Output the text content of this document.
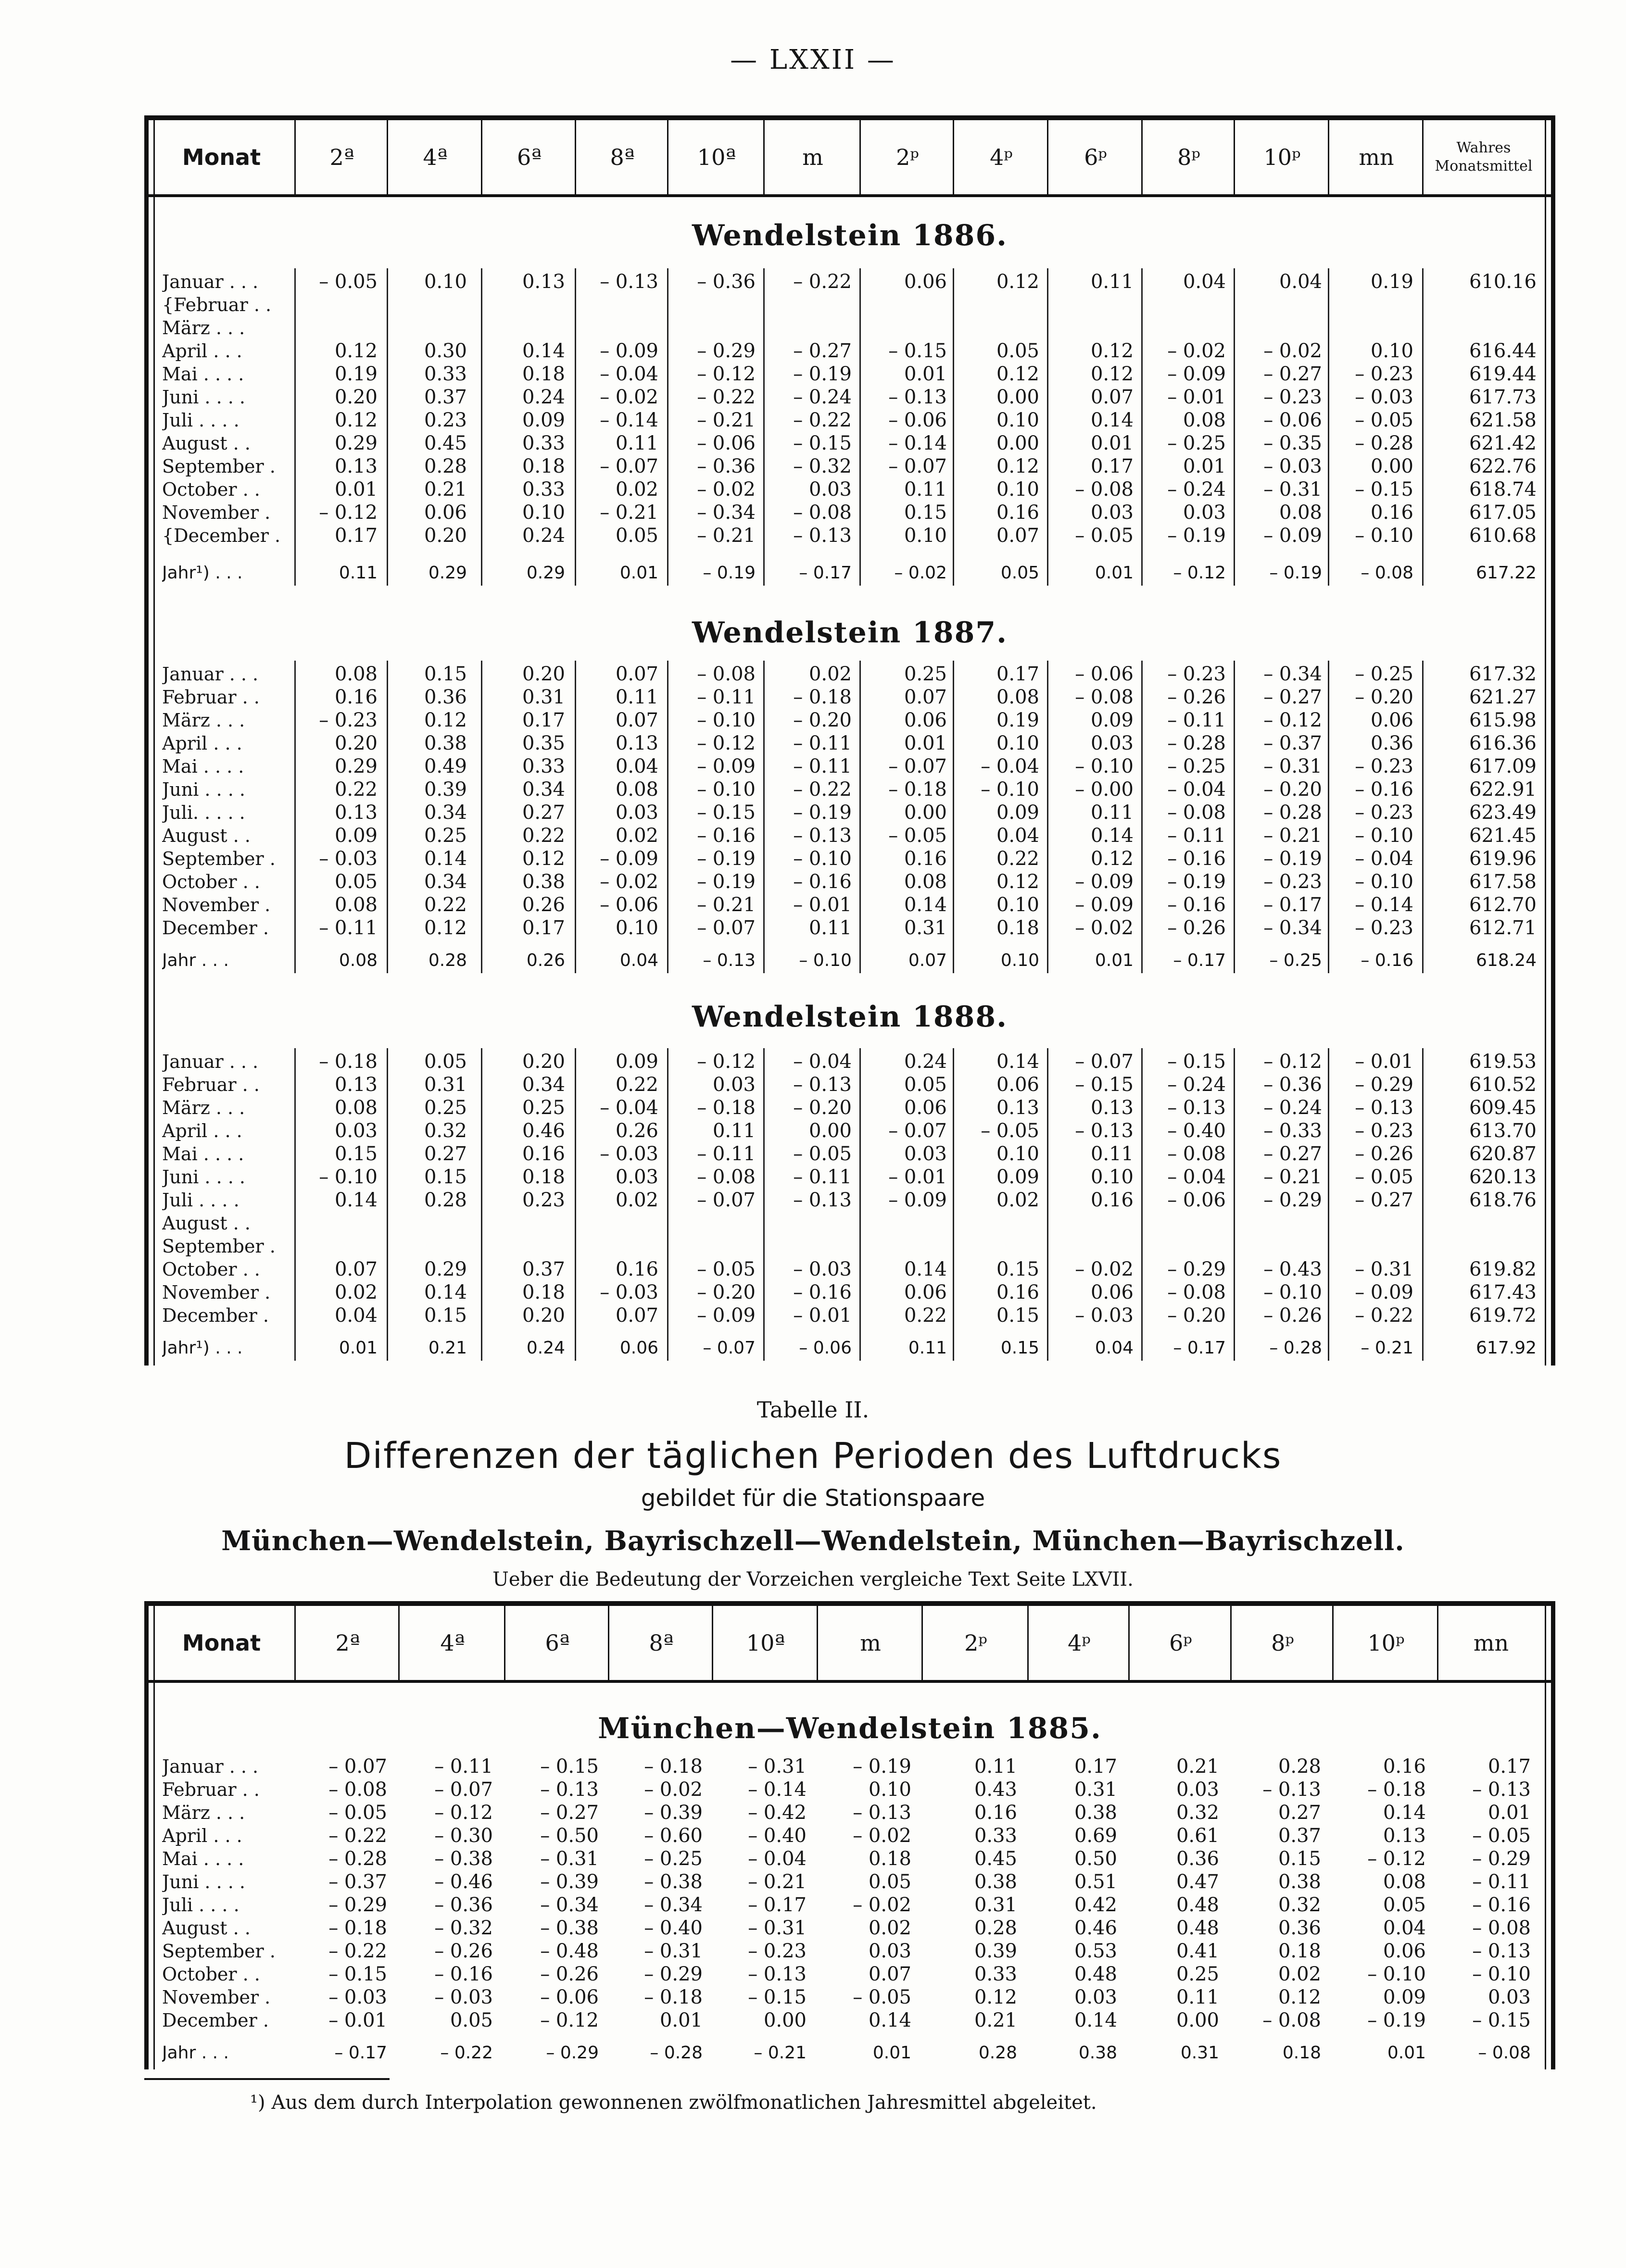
— LXXII —
Monat	2ª	4ª	6ª	8ª	10ª	m	2ᵖ	4ᵖ	6ᵖ	8ᵖ	10ᵖ	mn	Wahres
Monatsmittel
Wendelstein 1886.
Januar . . .	– 0.05	0.10	0.13	– 0.13	– 0.36	– 0.22	0.06	0.12	0.11	0.04	0.04	0.19	610.16
{Februar . .
März . . .
April . . .	0.12	0.30	0.14	– 0.09	– 0.29	– 0.27	– 0.15	0.05	0.12	– 0.02	– 0.02	0.10	616.44
Mai . . . .	0.19	0.33	0.18	– 0.04	– 0.12	– 0.19	0.01	0.12	0.12	– 0.09	– 0.27	– 0.23	619.44
Juni . . . .	0.20	0.37	0.24	– 0.02	– 0.22	– 0.24	– 0.13	0.00	0.07	– 0.01	– 0.23	– 0.03	617.73
Juli . . . .	0.12	0.23	0.09	– 0.14	– 0.21	– 0.22	– 0.06	0.10	0.14	0.08	– 0.06	– 0.05	621.58
August . .	0.29	0.45	0.33	0.11	– 0.06	– 0.15	– 0.14	0.00	0.01	– 0.25	– 0.35	– 0.28	621.42
September .	0.13	0.28	0.18	– 0.07	– 0.36	– 0.32	– 0.07	0.12	0.17	0.01	– 0.03	0.00	622.76
October . .	0.01	0.21	0.33	0.02	– 0.02	0.03	0.11	0.10	– 0.08	– 0.24	– 0.31	– 0.15	618.74
November .	– 0.12	0.06	0.10	– 0.21	– 0.34	– 0.08	0.15	0.16	0.03	0.03	0.08	0.16	617.05
{December .	0.17	0.20	0.24	0.05	– 0.21	– 0.13	0.10	0.07	– 0.05	– 0.19	– 0.09	– 0.10	610.68
Jahr¹) . . .	0.11	0.29	0.29	0.01	– 0.19	– 0.17	– 0.02	0.05	0.01	– 0.12	– 0.19	– 0.08	617.22
Wendelstein 1887.
Januar . . .	0.08	0.15	0.20	0.07	– 0.08	0.02	0.25	0.17	– 0.06	– 0.23	– 0.34	– 0.25	617.32
Februar . .	0.16	0.36	0.31	0.11	– 0.11	– 0.18	0.07	0.08	– 0.08	– 0.26	– 0.27	– 0.20	621.27
März . . .	– 0.23	0.12	0.17	0.07	– 0.10	– 0.20	0.06	0.19	0.09	– 0.11	– 0.12	0.06	615.98
April . . .	0.20	0.38	0.35	0.13	– 0.12	– 0.11	0.01	0.10	0.03	– 0.28	– 0.37	0.36	616.36
Mai . . . .	0.29	0.49	0.33	0.04	– 0.09	– 0.11	– 0.07	– 0.04	– 0.10	– 0.25	– 0.31	– 0.23	617.09
Juni . . . .	0.22	0.39	0.34	0.08	– 0.10	– 0.22	– 0.18	– 0.10	– 0.00	– 0.04	– 0.20	– 0.16	622.91
Juli. . . . .	0.13	0.34	0.27	0.03	– 0.15	– 0.19	0.00	0.09	0.11	– 0.08	– 0.28	– 0.23	623.49
August . .	0.09	0.25	0.22	0.02	– 0.16	– 0.13	– 0.05	0.04	0.14	– 0.11	– 0.21	– 0.10	621.45
September .	– 0.03	0.14	0.12	– 0.09	– 0.19	– 0.10	0.16	0.22	0.12	– 0.16	– 0.19	– 0.04	619.96
October . .	0.05	0.34	0.38	– 0.02	– 0.19	– 0.16	0.08	0.12	– 0.09	– 0.19	– 0.23	– 0.10	617.58
November .	0.08	0.22	0.26	– 0.06	– 0.21	– 0.01	0.14	0.10	– 0.09	– 0.16	– 0.17	– 0.14	612.70
December .	– 0.11	0.12	0.17	0.10	– 0.07	0.11	0.31	0.18	– 0.02	– 0.26	– 0.34	– 0.23	612.71
Jahr . . .	0.08	0.28	0.26	0.04	– 0.13	– 0.10	0.07	0.10	0.01	– 0.17	– 0.25	– 0.16	618.24
Wendelstein 1888.
Januar . . .	– 0.18	0.05	0.20	0.09	– 0.12	– 0.04	0.24	0.14	– 0.07	– 0.15	– 0.12	– 0.01	619.53
Februar . .	0.13	0.31	0.34	0.22	0.03	– 0.13	0.05	0.06	– 0.15	– 0.24	– 0.36	– 0.29	610.52
März . . .	0.08	0.25	0.25	– 0.04	– 0.18	– 0.20	0.06	0.13	0.13	– 0.13	– 0.24	– 0.13	609.45
April . . .	0.03	0.32	0.46	0.26	0.11	0.00	– 0.07	– 0.05	– 0.13	– 0.40	– 0.33	– 0.23	613.70
Mai . . . .	0.15	0.27	0.16	– 0.03	– 0.11	– 0.05	0.03	0.10	0.11	– 0.08	– 0.27	– 0.26	620.87
Juni . . . .	– 0.10	0.15	0.18	0.03	– 0.08	– 0.11	– 0.01	0.09	0.10	– 0.04	– 0.21	– 0.05	620.13
Juli . . . .	0.14	0.28	0.23	0.02	– 0.07	– 0.13	– 0.09	0.02	0.16	– 0.06	– 0.29	– 0.27	618.76
August . .
September .
October . .	0.07	0.29	0.37	0.16	– 0.05	– 0.03	0.14	0.15	– 0.02	– 0.29	– 0.43	– 0.31	619.82
November .	0.02	0.14	0.18	– 0.03	– 0.20	– 0.16	0.06	0.16	0.06	– 0.08	– 0.10	– 0.09	617.43
December .	0.04	0.15	0.20	0.07	– 0.09	– 0.01	0.22	0.15	– 0.03	– 0.20	– 0.26	– 0.22	619.72
Jahr¹) . . .	0.01	0.21	0.24	0.06	– 0.07	– 0.06	0.11	0.15	0.04	– 0.17	– 0.28	– 0.21	617.92
Tabelle II.
Differenzen der täglichen Perioden des Luftdrucks
gebildet für die Stationspaare
München—Wendelstein, Bayrischzell—Wendelstein, München—Bayrischzell.
Ueber die Bedeutung der Vorzeichen vergleiche Text Seite LXVII.
Monat	2ª	4ª	6ª	8ª	10ª	m	2ᵖ	4ᵖ	6ᵖ	8ᵖ	10ᵖ	mn
München—Wendelstein 1885.
Januar . . .	– 0.07	– 0.11	– 0.15	– 0.18	– 0.31	– 0.19	0.11	0.17	0.21	0.28	0.16	0.17
Februar . .	– 0.08	– 0.07	– 0.13	– 0.02	– 0.14	0.10	0.43	0.31	0.03	– 0.13	– 0.18	– 0.13
März . . .	– 0.05	– 0.12	– 0.27	– 0.39	– 0.42	– 0.13	0.16	0.38	0.32	0.27	0.14	0.01
April . . .	– 0.22	– 0.30	– 0.50	– 0.60	– 0.40	– 0.02	0.33	0.69	0.61	0.37	0.13	– 0.05
Mai . . . .	– 0.28	– 0.38	– 0.31	– 0.25	– 0.04	0.18	0.45	0.50	0.36	0.15	– 0.12	– 0.29
Juni . . . .	– 0.37	– 0.46	– 0.39	– 0.38	– 0.21	0.05	0.38	0.51	0.47	0.38	0.08	– 0.11
Juli . . . .	– 0.29	– 0.36	– 0.34	– 0.34	– 0.17	– 0.02	0.31	0.42	0.48	0.32	0.05	– 0.16
August . .	– 0.18	– 0.32	– 0.38	– 0.40	– 0.31	0.02	0.28	0.46	0.48	0.36	0.04	– 0.08
September .	– 0.22	– 0.26	– 0.48	– 0.31	– 0.23	0.03	0.39	0.53	0.41	0.18	0.06	– 0.13
October . .	– 0.15	– 0.16	– 0.26	– 0.29	– 0.13	0.07	0.33	0.48	0.25	0.02	– 0.10	– 0.10
November .	– 0.03	– 0.03	– 0.06	– 0.18	– 0.15	– 0.05	0.12	0.03	0.11	0.12	0.09	0.03
December .	– 0.01	0.05	– 0.12	0.01	0.00	0.14	0.21	0.14	0.00	– 0.08	– 0.19	– 0.15
Jahr . . .	– 0.17	– 0.22	– 0.29	– 0.28	– 0.21	0.01	0.28	0.38	0.31	0.18	0.01	– 0.08
¹) Aus dem durch Interpolation gewonnenen zwölfmonatlichen Jahresmittel abgeleitet.
